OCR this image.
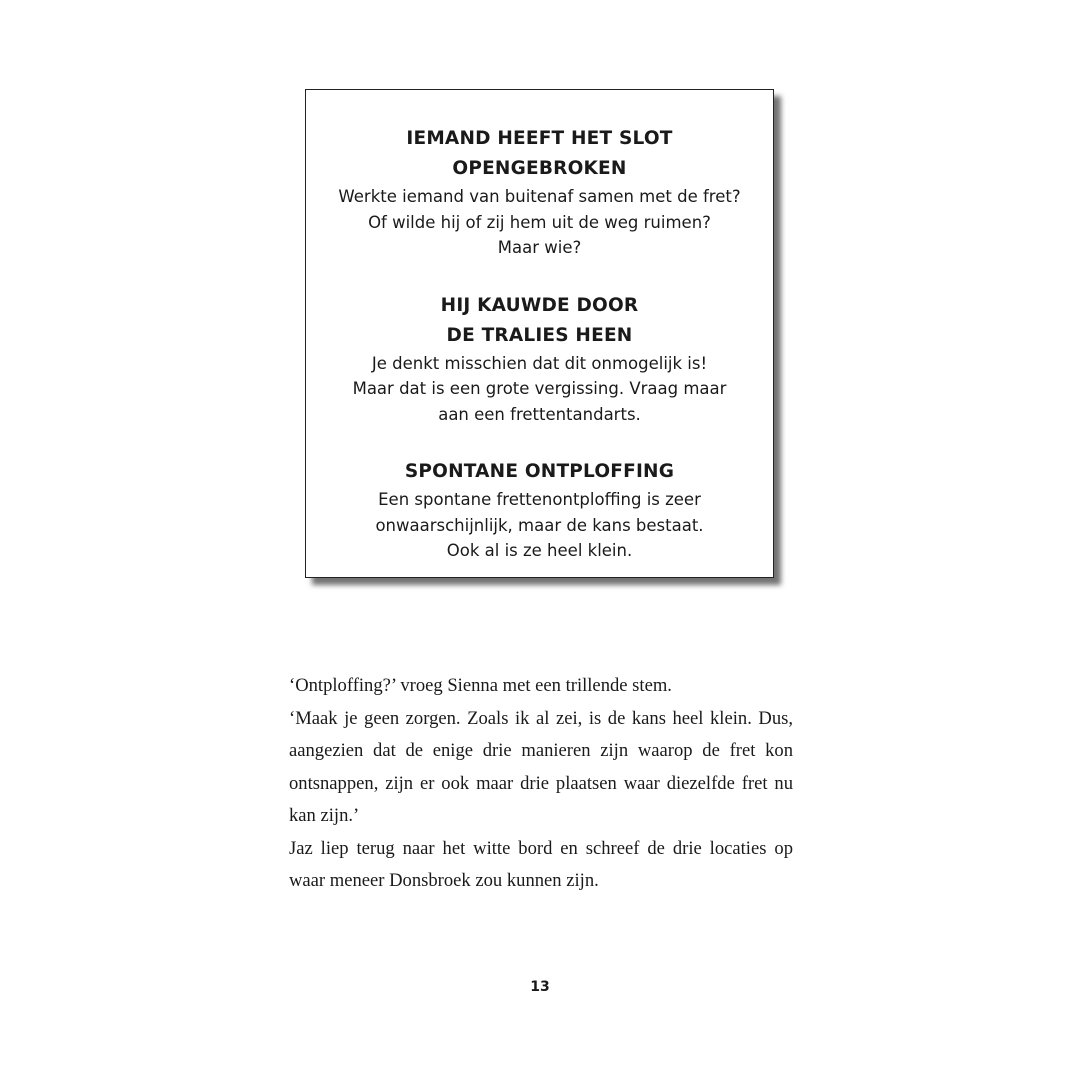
IEMAND HEEFT HET SLOT
OPENGEBROKEN
Werkte iemand van buitenaf samen met de fret?
Of wilde hij of zij hem uit de weg ruimen?
Maar wie?
HIJ KAUWDE DOOR
DE TRALIES HEEN
Je denkt misschien dat dit onmogelijk is!
Maar dat is een grote vergissing. Vraag maar
aan een frettentandarts.
SPONTANE ONTPLOFFING
Een spontane frettenontploffing is zeer
onwaarschijnlijk, maar de kans bestaat.
Ook al is ze heel klein.

‘Ontploffing?’ vroeg Sienna met een trillende stem.

‘Maak je geen zorgen. Zoals ik al zei, is de kans heel klein. Dus, aangezien dat de enige drie manieren zijn waarop de fret kon ontsnappen, zijn er ook maar drie plaatsen waar diezelfde fret nu kan zijn.’

Jaz liep terug naar het witte bord en schreef de drie locaties op waar meneer Donsbroek zou kunnen zijn.

13
